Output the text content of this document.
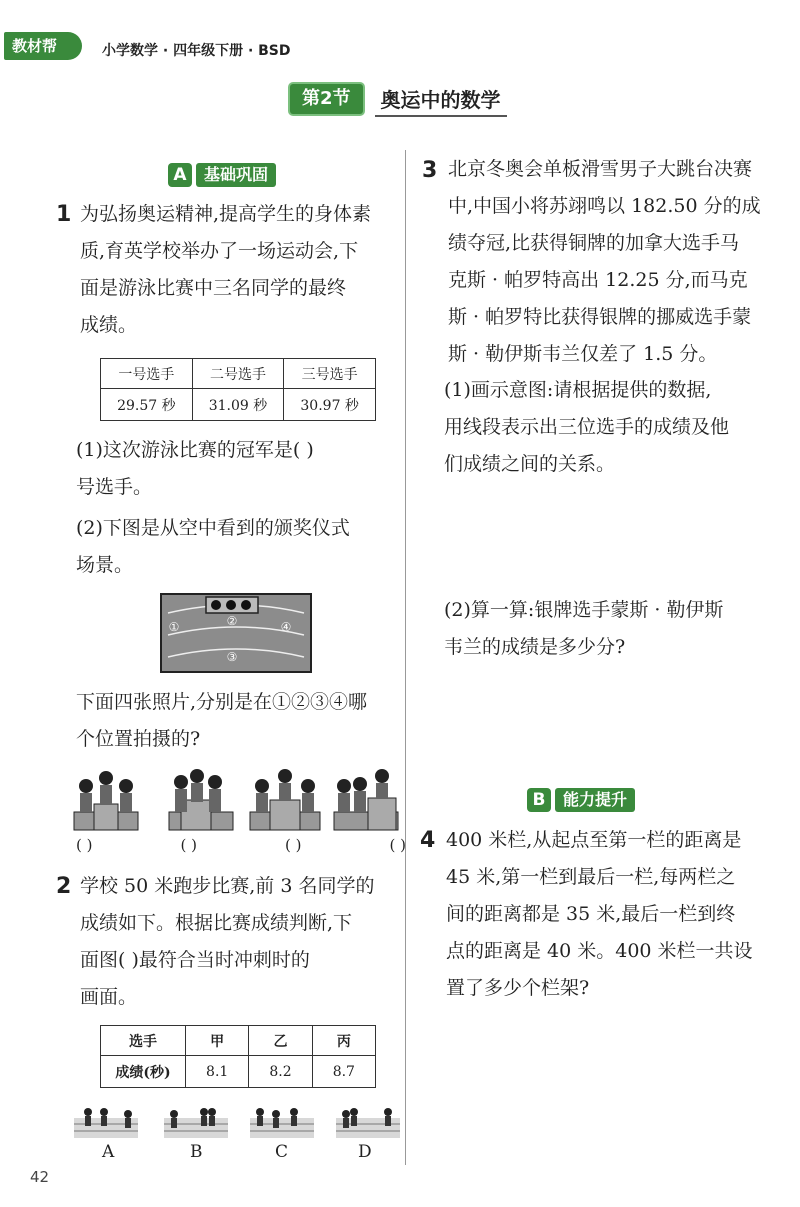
教材帮	小学数学 · 四年级下册 · BSD
第2节	奥运中的数学
A	基础巩固
1 为弘扬奥运精神,提高学生的身体素
质,育英学校举办了一场运动会,下
面是游泳比赛中三名同学的最终
成绩。
一号选手	二号选手	三号选手
29.57 秒	31.09 秒	30.97 秒
(1)这次游泳比赛的冠军是( )
号选手。
(2)下图是从空中看到的颁奖仪式
场景。
②
①	④
③
下面四张照片,分别是在①②③④哪
个位置拍摄的?
( )	( )	( )	( )
2 学校 50 米跑步比赛,前 3 名同学的
成绩如下。根据比赛成绩判断,下
面图( )最符合当时冲刺时的
画面。
选手	甲	乙	丙
成绩(秒)	8.1	8.2	8.7
A	B	C	D
3 北京冬奥会单板滑雪男子大跳台决赛
中,中国小将苏翊鸣以 182.50 分的成
绩夺冠,比获得铜牌的加拿大选手马
克斯 · 帕罗特高出 12.25 分,而马克
斯 · 帕罗特比获得银牌的挪威选手蒙
斯 · 勒伊斯韦兰仅差了 1.5 分。
(1)画示意图:请根据提供的数据,
用线段表示出三位选手的成绩及他
们成绩之间的关系。
(2)算一算:银牌选手蒙斯 · 勒伊斯
韦兰的成绩是多少分?
B	能力提升
4 400 米栏,从起点至第一栏的距离是
45 米,第一栏到最后一栏,每两栏之
间的距离都是 35 米,最后一栏到终
点的距离是 40 米。400 米栏一共设
置了多少个栏架?
42
